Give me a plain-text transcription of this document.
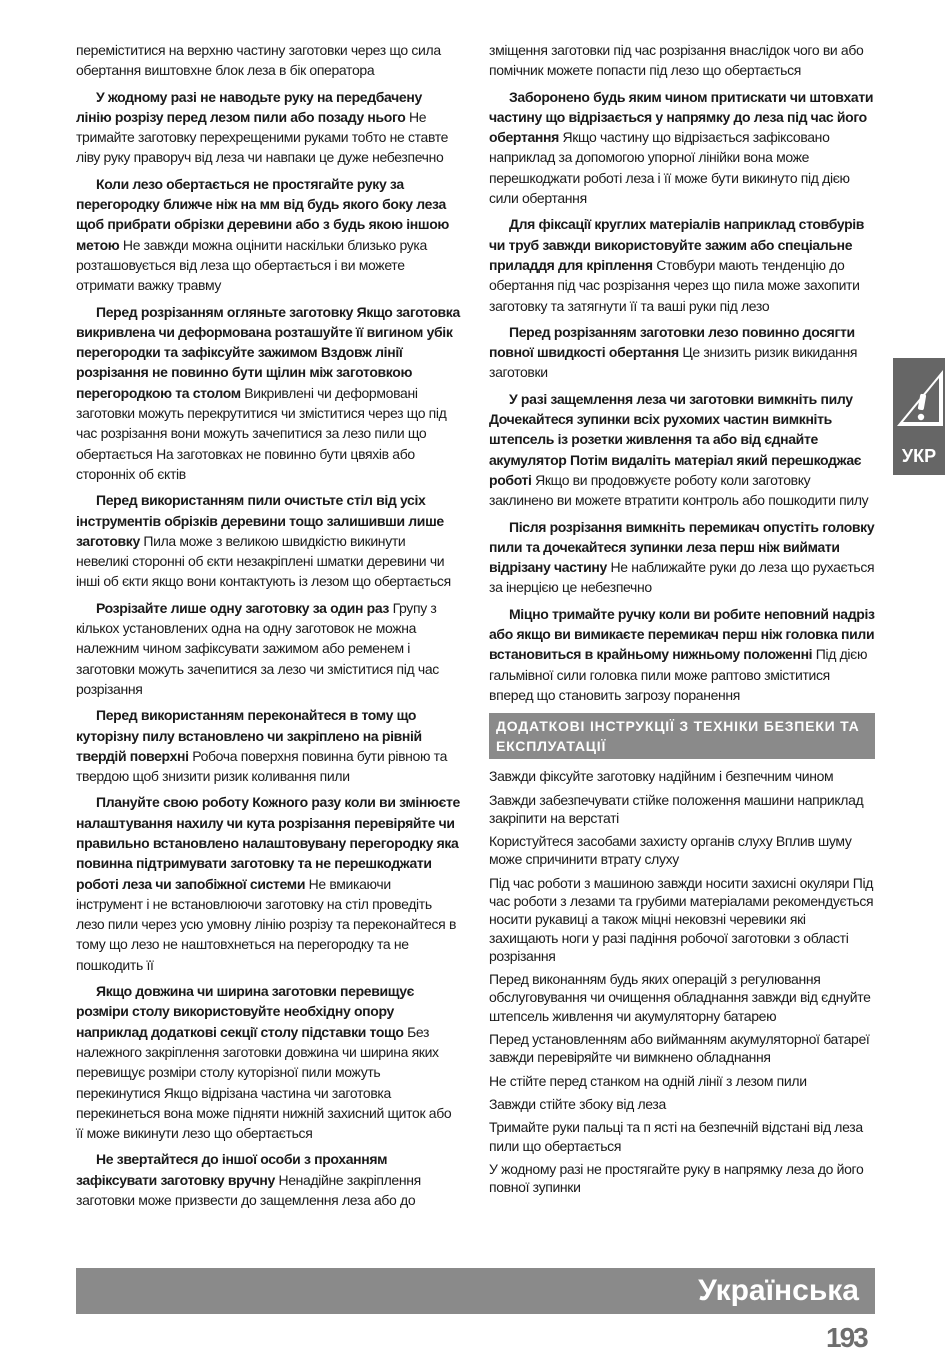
переміститися на верхню частину заготовки через що сила обертання виштовхне блок леза в бік оператора
У жодному разі не наводьте руку на передбачену лінію розрізу перед лезом пили або позаду нього Не тримайте заготовку перехрещеними руками тобто не ставте ліву руку праворуч від леза чи навпаки це дуже небезпечно
Коли лезо обертається не простягайте руку за перегородку ближче ніж на мм від будь якого боку леза щоб прибрати обрізки деревини або з будь якою іншою метою Не завжди можна оцінити наскільки близько рука розташовується від леза що обертається і ви можете отримати важку травму
Перед розрізанням огляньте заготовку Якщо заготовка викривлена чи деформована розташуйте її вигином убік перегородки та зафіксуйте зажимом Вздовж лінії розрізання не повинно бути щілин між заготовкою перегородкою та столом Викривлені чи деформовані заготовки можуть перекрутитися чи зміститися через що під час розрізання вони можуть зачепитися за лезо пили що обертається На заготовках не повинно бути цвяхів або сторонніх об єктів
Перед використанням пили очистьте стіл від усіх інструментів обрізків деревини тощо залишивши лише заготовку Пила може з великою швидкістю викинути невеликі сторонні об єкти незакріплені шматки деревини чи інші об єкти якщо вони контактують із лезом що обертається
Розрізайте лише одну заготовку за один раз Групу з кількох установлених одна на одну заготовок не можна належним чином зафіксувати зажимом або ременем і заготовки можуть зачепитися за лезо чи зміститися під час розрізання
Перед використанням переконайтеся в тому що куторізну пилу встановлено чи закріплено на рівній твердій поверхні Робоча поверхня повинна бути рівною та твердою щоб знизити ризик коливання пили
Плануйте свою роботу Кожного разу коли ви змінюєте налаштування нахилу чи кута розрізання перевіряйте чи правильно встановлено налаштовувану перегородку яка повинна підтримувати заготовку та не перешкоджати роботі леза чи запобіжної системи Не вмикаючи інструмент і не встановлюючи заготовку на стіл проведіть лезо пили через усю умовну лінію розрізу та переконайтеся в тому що лезо не наштовхнеться на перегородку та не пошкодить її
Якщо довжина чи ширина заготовки перевищує розміри столу використовуйте необхідну опору наприклад додаткові секції столу підставки тощо Без належного закріплення заготовки довжина чи ширина яких перевищує розміри столу куторізної пили можуть перекинутися Якщо відрізана частина чи заготовка перекинеться вона може підняти нижній захисний щиток або її може викинути лезо що обертається
Не звертайтеся до іншої особи з проханням зафіксувати заготовку вручну Ненадійне закріплення заготовки може призвести до защемлення леза або до
зміщення заготовки під час розрізання внаслідок чого ви або помічник можете попасти під лезо що обертається
Заборонено будь яким чином притискати чи штовхати частину що відрізається у напрямку до леза під час його обертання Якщо частину що відрізається зафіксовано наприклад за допомогою упорної лінійки вона може перешкоджати роботі леза і її може бути викинуто під дією сили обертання
Для фіксації круглих матеріалів наприклад стовбурів чи труб завжди використовуйте зажим або спеціальне приладдя для кріплення Стовбури мають тенденцію до обертання під час розрізання через що пила може захопити заготовку та затягнути її та ваші руки під лезо
Перед розрізанням заготовки лезо повинно досягти повної швидкості обертання Це знизить ризик викидання заготовки
У разі защемлення леза чи заготовки вимкніть пилу Дочекайтеся зупинки всіх рухомих частин вимкніть штепсель із розетки живлення та або від єднайте акумулятор Потім видаліть матеріал який перешкоджає роботі Якщо ви продовжуєте роботу коли заготовку заклинено ви можете втратити контроль або пошкодити пилу
Після розрізання вимкніть перемикач опустіть головку пили та дочекайтеся зупинки леза перш ніж виймати відрізану частину Не наближайте руки до леза що рухається за інерцією це небезпечно
Міцно тримайте ручку коли ви робите неповний надріз або якщо ви вимикаєте перемикач перш ніж головка пили встановиться в крайньому нижньому положенні Під дією гальмівної сили головка пили може раптово зміститися вперед що становить загрозу поранення
ДОДАТКОВІ ІНСТРУКЦІЇ З ТЕХНІКИ БЕЗПЕКИ ТА ЕКСПЛУАТАЦІЇ
Завжди фіксуйте заготовку надійним і безпечним чином
Завжди забезпечувати стійке положення машини наприклад закріпити на верстаті
Користуйтеся засобами захисту органів слуху Вплив шуму може спричинити втрату слуху
Під час роботи з машиною завжди носити захисні окуляри Під час роботи з лезами та грубими матеріалами рекомендується носити рукавиці а також міцні нековзні черевики які захищають ноги у разі падіння робочої заготовки з області розрізання
Перед виконанням будь яких операцій з регулювання обслуговування чи очищення обладнання завжди від єднуйте штепсель живлення чи акумуляторну батарею
Перед установленням або вийманням акумуляторної батареї завжди перевіряйте чи вимкнено обладнання
Не стійте перед станком на одній лінії з лезом пили
Завжди стійте збоку від леза
Тримайте руки пальці та п ясті на безпечній відстані від леза пили що обертається
У жодному разі не простягайте руку в напрямку леза до його повної зупинки
УКР
Українська
193
